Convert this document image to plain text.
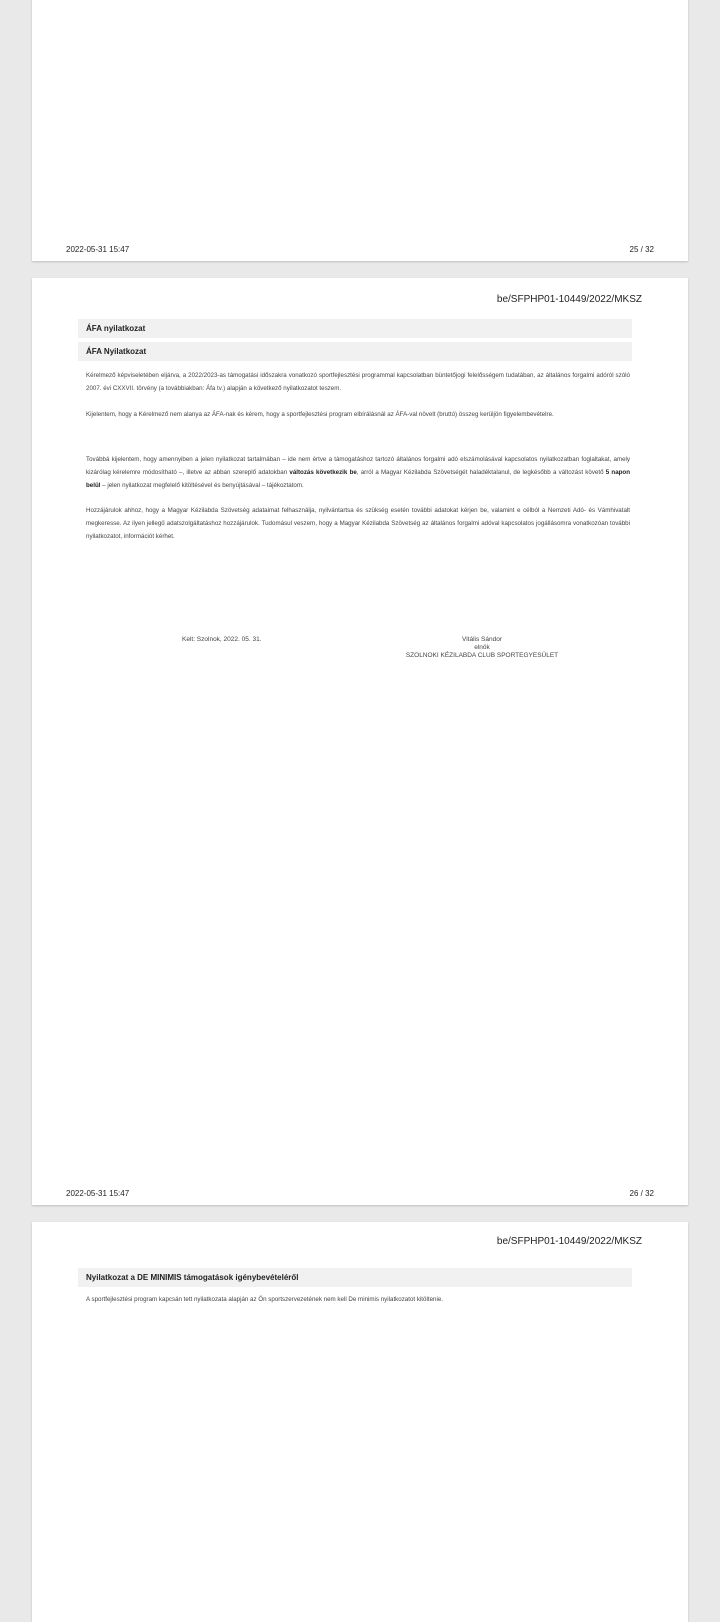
2022-05-31 15:47	25 / 32
be/SFPHP01-10449/2022/MKSZ
ÁFA nyilatkozat
ÁFA Nyilatkozat
Kérelmező képviseletében eljárva, a 2022/2023-as támogatási időszakra vonatkozó sportfejlesztési programmal kapcsolatban büntetőjogi felelősségem tudatában, az általános forgalmi adóról szóló 2007. évi CXXVII. törvény (a továbbiakban: Áfa tv.) alapján a következő nyilatkozatot teszem.
Kijelentem, hogy a Kérelmező nem alanya az ÁFA-nak és kérem, hogy a sportfejlesztési program elbírálásnál az ÁFA-val növelt (bruttó) összeg kerüljön figyelembevételre.
Továbbá kijelentem, hogy amennyiben a jelen nyilatkozat tartalmában – ide nem értve a támogatáshoz tartozó általános forgalmi adó elszámolásával kapcsolatos nyilatkozatban foglaltakat, amely kizárólag kérelemre módosítható –, illetve az abban szereplő adatokban változás következik be, arról a Magyar Kézilabda Szövetségét haladéktalanul, de legkésőbb a változást követő 5 napon belül – jelen nyilatkozat megfelelő kitöltésével és benyújtásával – tájékoztatom.
Hozzájárulok ahhoz, hogy a Magyar Kézilabda Szövetség adataimat felhasználja, nyilvántartsa és szükség esetén további adatokat kérjen be, valamint e célból a Nemzeti Adó- és Vámhivatalt megkeresse. Az ilyen jellegű adatszolgáltatáshoz hozzájárulok. Tudomásul veszem, hogy a Magyar Kézilabda Szövetség az általános forgalmi adóval kapcsolatos jogállásomra vonatkozóan további nyilatkozatot, információt kérhet.
Kelt: Szolnok, 2022. 05. 31.	Vitális Sándor
elnök
SZOLNOKI KÉZILABDA CLUB SPORTEGYESÜLET
2022-05-31 15:47	26 / 32
be/SFPHP01-10449/2022/MKSZ
Nyilatkozat a DE MINIMIS támogatások igénybevételéről
A sportfejlesztési program kapcsán tett nyilatkozata alapján az Ön sportszervezetének nem kell De minimis nyilatkozatot kitöltenie.
